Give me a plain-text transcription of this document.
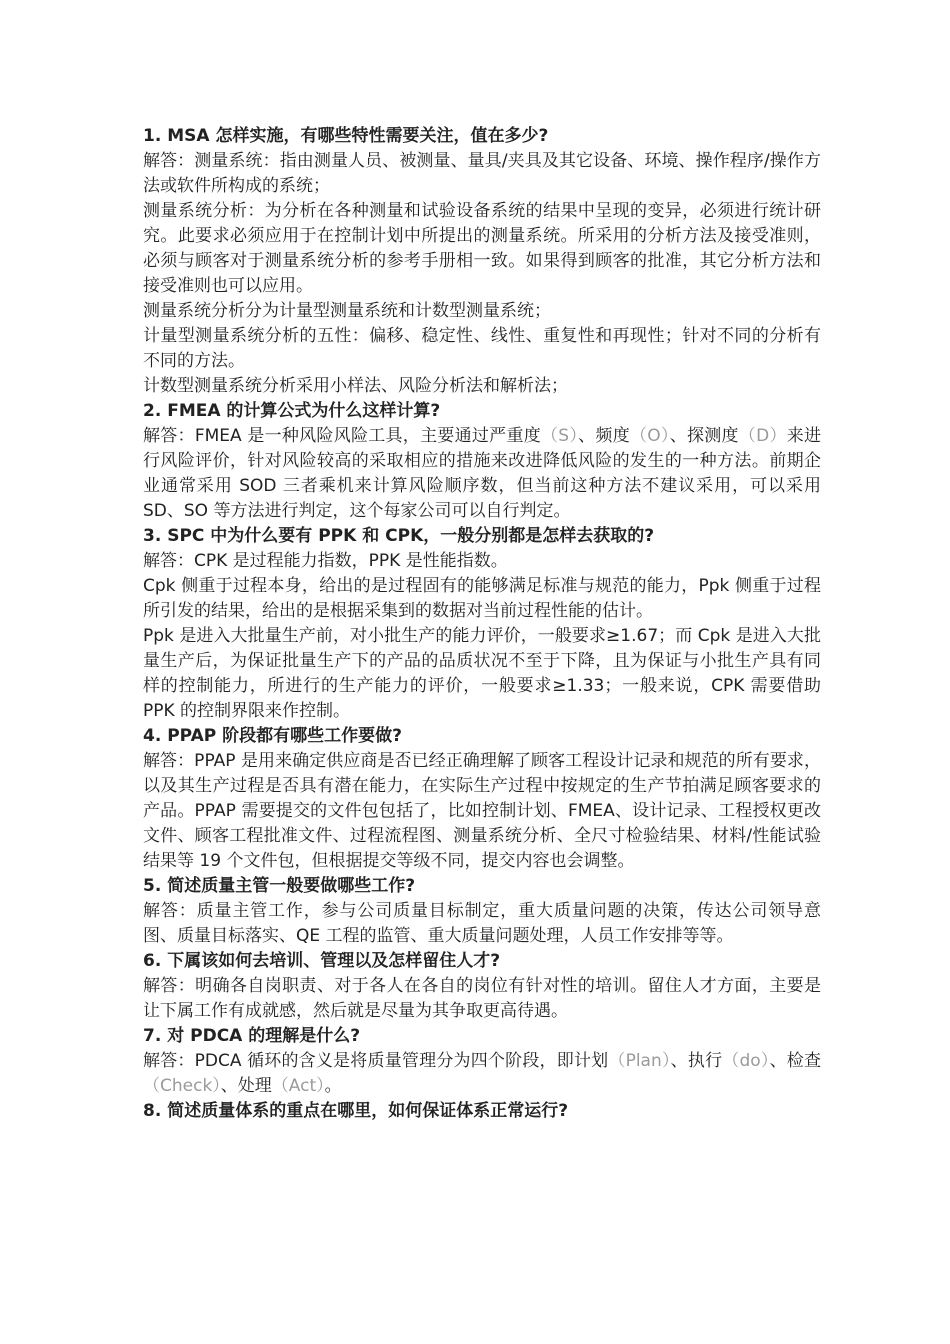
1. MSA 怎样实施，有哪些特性需要关注，值在多少?
解答：测量系统：指由测量人员、被测量、量具/夹具及其它设备、环境、操作程序/操作方法或软件所构成的系统；
测量系统分析：为分析在各种测量和试验设备系统的结果中呈现的变异，必须进行统计研究。此要求必须应用于在控制计划中所提出的测量系统。所采用的分析方法及接受准则，必须与顾客对于测量系统分析的参考手册相一致。如果得到顾客的批准，其它分析方法和接受准则也可以应用。
测量系统分析分为计量型测量系统和计数型测量系统；
计量型测量系统分析的五性：偏移、稳定性、线性、重复性和再现性；针对不同的分析有不同的方法。
计数型测量系统分析采用小样法、风险分析法和解析法；
2. FMEA 的计算公式为什么这样计算?
解答：FMEA 是一种风险风险工具，主要通过严重度（S）、频度（O）、探测度（D）来进行风险评价，针对风险较高的采取相应的措施来改进降低风险的发生的一种方法。前期企业通常采用 SOD 三者乘机来计算风险顺序数，但当前这种方法不建议采用，可以采用 SD、SO 等方法进行判定，这个每家公司可以自行判定。
3. SPC 中为什么要有 PPK 和 CPK，一般分别都是怎样去获取的?
解答：CPK 是过程能力指数，PPK 是性能指数。
Cpk 侧重于过程本身，给出的是过程固有的能够满足标准与规范的能力，Ppk 侧重于过程所引发的结果，给出的是根据采集到的数据对当前过程性能的估计。
Ppk 是进入大批量生产前，对小批生产的能力评价，一般要求≥1.67；而 Cpk 是进入大批量生产后，为保证批量生产下的产品的品质状况不至于下降，且为保证与小批生产具有同样的控制能力，所进行的生产能力的评价，一般要求≥1.33；一般来说，CPK 需要借助 PPK 的控制界限来作控制。
4. PPAP 阶段都有哪些工作要做?
解答：PPAP 是用来确定供应商是否已经正确理解了顾客工程设计记录和规范的所有要求，以及其生产过程是否具有潜在能力，在实际生产过程中按规定的生产节拍满足顾客要求的产品。PPAP 需要提交的文件包包括了，比如控制计划、FMEA、设计记录、工程授权更改文件、顾客工程批准文件、过程流程图、测量系统分析、全尺寸检验结果、材料/性能试验结果等 19 个文件包，但根据提交等级不同，提交内容也会调整。
5. 简述质量主管一般要做哪些工作?
解答：质量主管工作，参与公司质量目标制定，重大质量问题的决策，传达公司领导意图、质量目标落实、QE 工程的监管、重大质量问题处理，人员工作安排等等。
6. 下属该如何去培训、管理以及怎样留住人才?
解答：明确各自岗职责、对于各人在各自的岗位有针对性的培训。留住人才方面，主要是让下属工作有成就感，然后就是尽量为其争取更高待遇。
7. 对 PDCA 的理解是什么?
解答：PDCA 循环的含义是将质量管理分为四个阶段，即计划（Plan）、执行（do）、检查（Check）、处理（Act）。
8. 简述质量体系的重点在哪里，如何保证体系正常运行?
